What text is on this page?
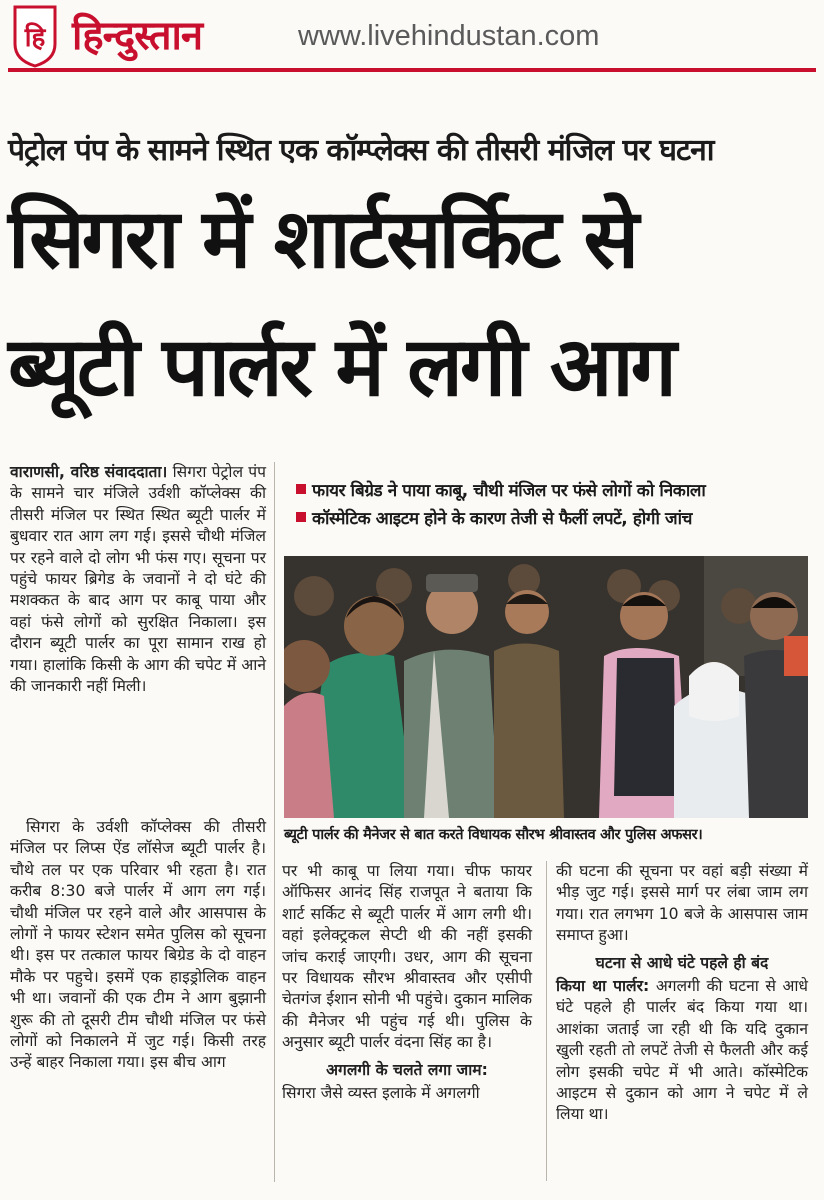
हि हिन्दुस्तान	www.livehindustan.com
पेट्रोल पंप के सामने स्थित एक कॉम्प्लेक्स की तीसरी मंजिल पर घटना
सिगरा में शार्टसर्किट से
ब्यूटी पार्लर में लगी आग

वाराणसी, वरिष्ठ संवाददाता। सिगरा पेट्रोल पंप के सामने चार मंजिले उर्वशी कॉप्लेक्स की तीसरी मंजिल पर स्थित स्थित ब्यूटी पार्लर में बुधवार रात आग लग गई। इससे चौथी मंजिल पर रहने वाले दो लोग भी फंस गए। सूचना पर पहुंचे फायर ब्रिगेड के जवानों ने दो घंटे की मशक्कत के बाद आग पर काबू पाया और वहां फंसे लोगों को सुरक्षित निकाला। इस दौरान ब्यूटी पार्लर का पूरा सामान राख हो गया। हालांकि किसी के आग की चपेट में आने की जानकारी नहीं मिली।

सिगरा के उर्वशी कॉप्लेक्स की तीसरी मंजिल पर लिप्स ऐंड लॉसेज ब्यूटी पार्लर है। चौथे तल पर एक परिवार भी रहता है। रात करीब 8:30 बजे पार्लर में आग लग गई। चौथी मंजिल पर रहने वाले और आसपास के लोगों ने फायर स्टेशन समेत पुलिस को सूचना थी। इस पर तत्काल फायर बिग्रेड के दो वाहन मौके पर पहुचे। इसमें एक हाइड्रोलिक वाहन भी था। जवानों की एक टीम ने आग बुझानी शुरू की तो दूसरी टीम चौथी मंजिल पर फंसे लोगों को निकालने में जुट गई। किसी तरह उन्हें बाहर निकाला गया। इस बीच आग

फायर बिग्रेड ने पाया काबू, चौथी मंजिल पर फंसे लोगों को निकाला
कॉस्मेटिक आइटम होने के कारण तेजी से फैलीं लपटें, होगी जांच
ब्यूटी पार्लर की मैनेजर से बात करते विधायक सौरभ श्रीवास्तव और पुलिस अफसर।

पर भी काबू पा लिया गया। चीफ फायर ऑफिसर आनंद सिंह राजपूत ने बताया कि शार्ट सर्किट से ब्यूटी पार्लर में आग लगी थी। वहां इलेक्ट्रकल सेप्टी थी की नहीं इसकी जांच कराई जाएगी। उधर, आग की सूचना पर विधायक सौरभ श्रीवास्तव और एसीपी चेतगंज ईशान सोनी भी पहुंचे। दुकान मालिक की मैनेजर भी पहुंच गई थी। पुलिस के अनुसार ब्यूटी पार्लर वंदना सिंह का है।

अगलगी के चलते लगा जाम:

सिगरा जैसे व्यस्त इलाके में अगलगी

की घटना की सूचना पर वहां बड़ी संख्या में भीड़ जुट गई। इससे मार्ग पर लंबा जाम लग गया। रात लगभग 10 बजे के आसपास जाम समाप्त हुआ।

घटना से आधे घंटे पहले ही बंद

किया था पार्लर: अगलगी की घटना से आधे घंटे पहले ही पार्लर बंद किया गया था। आशंका जताई जा रही थी कि यदि दुकान खुली रहती तो लपटें तेजी से फैलती और कई लोग इसकी चपेट में भी आते। कॉस्मेटिक आइटम से दुकान को आग ने चपेट में ले लिया था।
